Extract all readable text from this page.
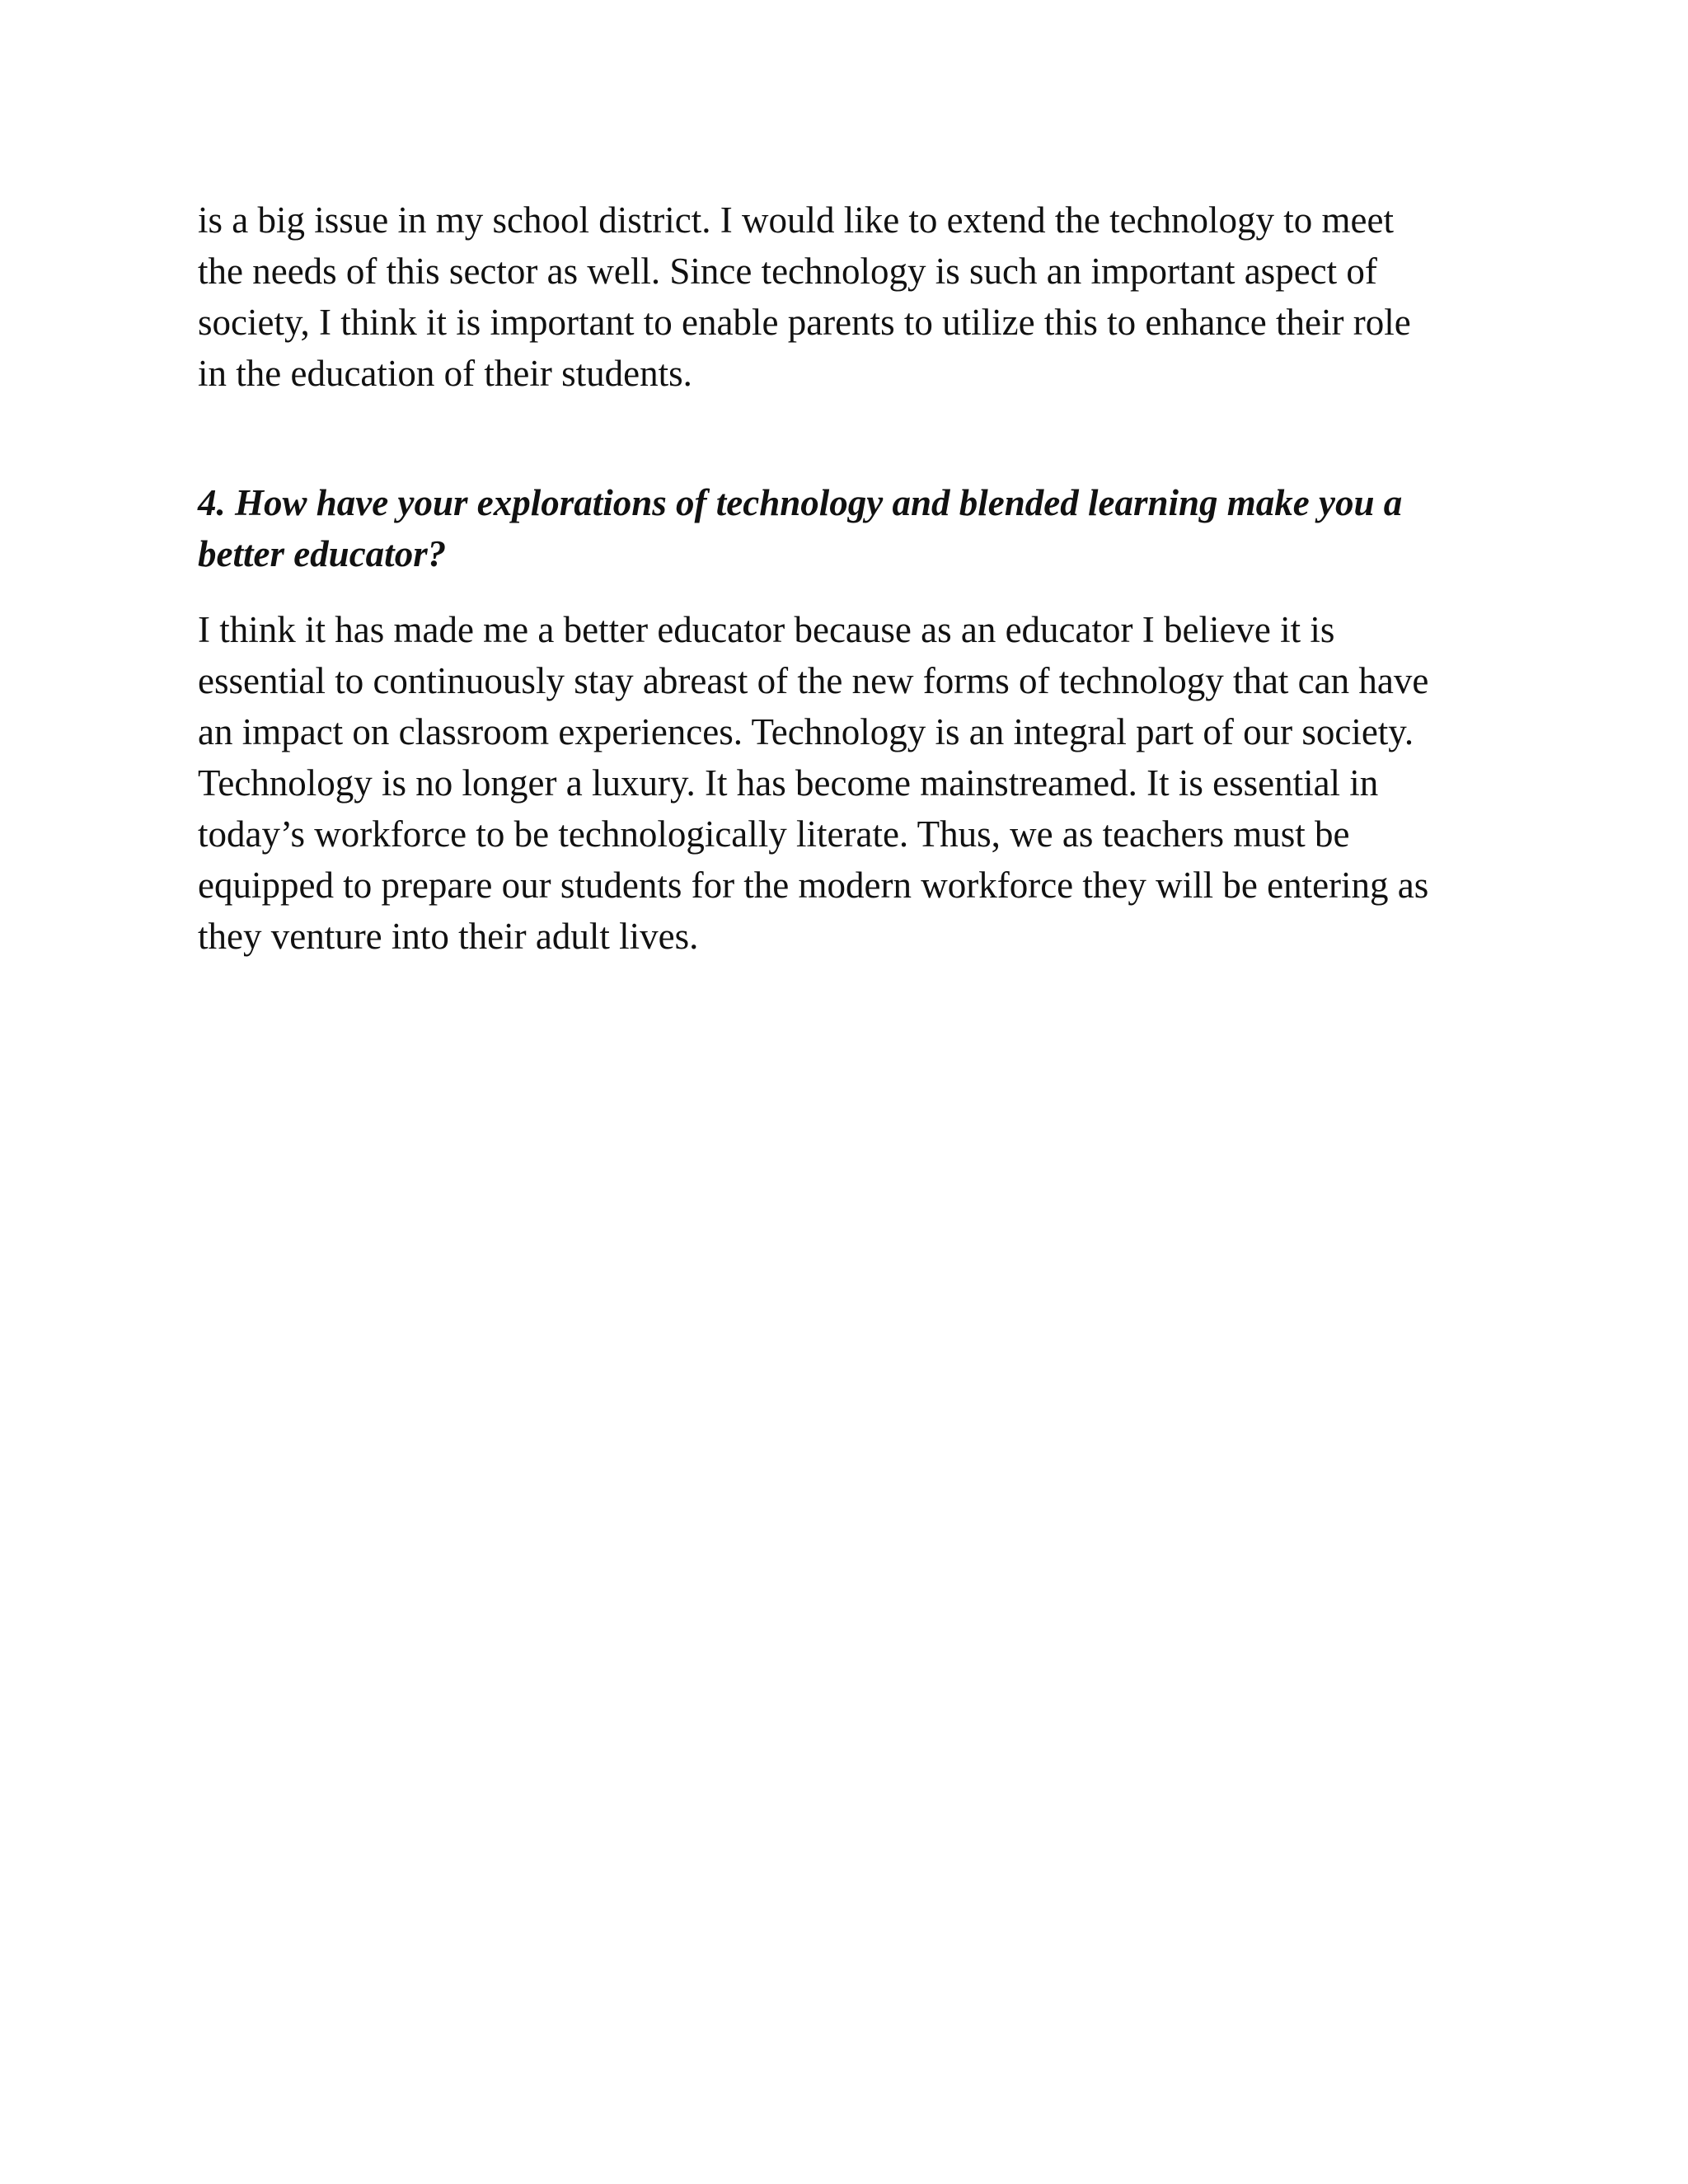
is a big issue in my school district. I would like to extend the technology to meet
the needs of this sector as well. Since technology is such an important aspect of
society, I think it is important to enable parents to utilize this to enhance their role
in the education of their students.
4. How have your explorations of technology and blended learning make you a
better educator?
I think it has made me a better educator because as an educator I believe it is
essential to continuously stay abreast of the new forms of technology that can have
an impact on classroom experiences. Technology is an integral part of our society.
Technology is no longer a luxury. It has become mainstreamed. It is essential in
today’s workforce to be technologically literate. Thus, we as teachers must be
equipped to prepare our students for the modern workforce they will be entering as
they venture into their adult lives.
